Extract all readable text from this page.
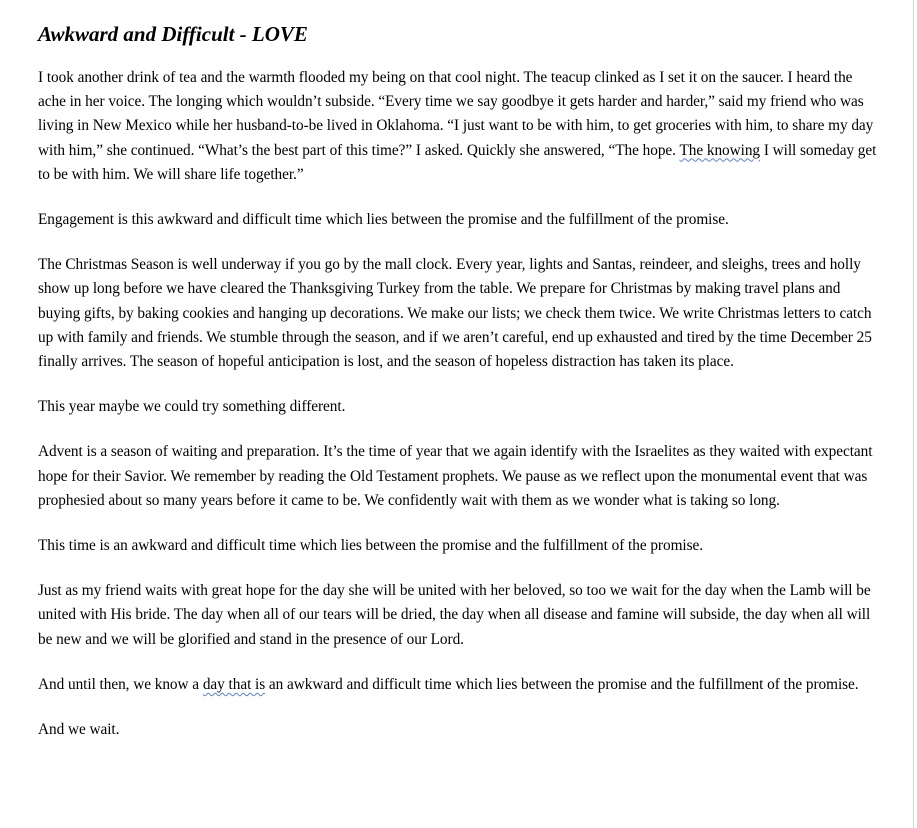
Awkward and Difficult - LOVE

I took another drink of tea and the warmth flooded my being on that cool night. The teacup clinked as I set it on the saucer. I heard the ache in her voice. The longing which wouldn’t subside. “Every time we say goodbye it gets harder and harder,” said my friend who was living in New Mexico while her husband-to-be lived in Oklahoma. “I just want to be with him, to get groceries with him, to share my day with him,” she continued. “What’s the best part of this time?” I asked. Quickly she answered, “The hope. The knowing I will someday get to be with him. We will share life together.”

Engagement is this awkward and difficult time which lies between the promise and the fulfillment of the promise.

The Christmas Season is well underway if you go by the mall clock. Every year, lights and Santas, reindeer, and sleighs, trees and holly show up long before we have cleared the Thanksgiving Turkey from the table. We prepare for Christmas by making travel plans and buying gifts, by baking cookies and hanging up decorations. We make our lists; we check them twice. We write Christmas letters to catch up with family and friends. We stumble through the season, and if we aren’t careful, end up exhausted and tired by the time December 25 finally arrives. The season of hopeful anticipation is lost, and the season of hopeless distraction has taken its place.

This year maybe we could try something different.

Advent is a season of waiting and preparation. It’s the time of year that we again identify with the Israelites as they waited with expectant hope for their Savior. We remember by reading the Old Testament prophets. We pause as we reflect upon the monumental event that was prophesied about so many years before it came to be. We confidently wait with them as we wonder what is taking so long.

This time is an awkward and difficult time which lies between the promise and the fulfillment of the promise.

Just as my friend waits with great hope for the day she will be united with her beloved, so too we wait for the day when the Lamb will be united with His bride. The day when all of our tears will be dried, the day when all disease and famine will subside, the day when all will be new and we will be glorified and stand in the presence of our Lord.

And until then, we know a day that is an awkward and difficult time which lies between the promise and the fulfillment of the promise.

And we wait.
